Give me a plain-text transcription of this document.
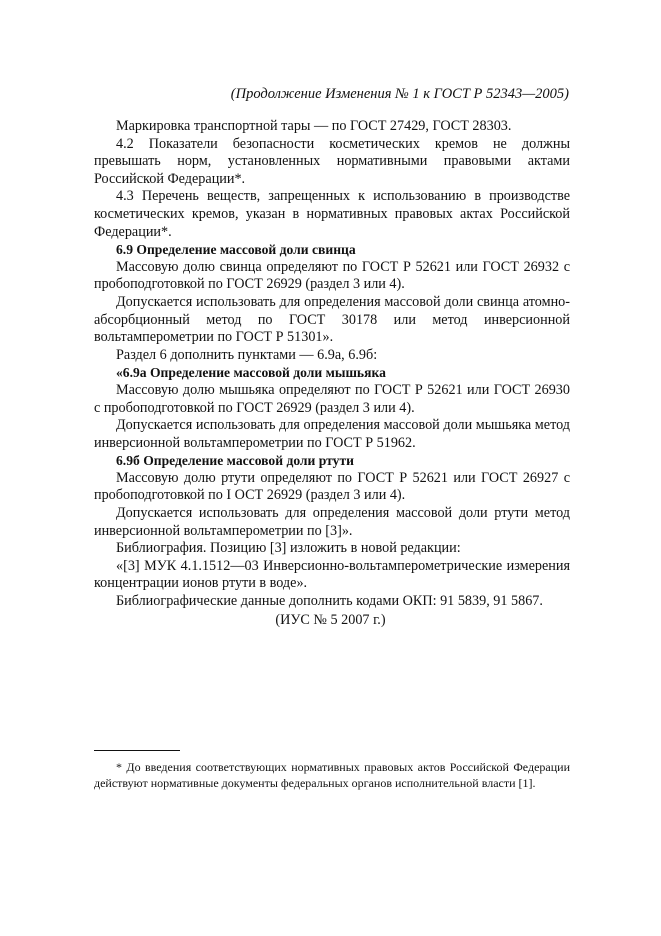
(Продолжение Изменения № 1 к ГОСТ Р 52343—2005)

Маркировка транспортной тары — по ГОСТ 27429, ГОСТ 28303.

4.2 Показатели безопасности косметических кремов не должны превышать норм, установленных нормативными правовыми актами Российской Федерации*.

4.3 Перечень веществ, запрещенных к использованию в производстве косметических кремов, указан в нормативных правовых актах Российской Федерации*.

6.9 Определение массовой доли свинца

Массовую долю свинца определяют по ГОСТ Р 52621 или ГОСТ 26932 с пробоподготовкой по ГОСТ 26929 (раздел 3 или 4).

Допускается использовать для определения массовой доли свинца атомно-абсорбционный метод по ГОСТ 30178 или метод инверсионной вольтамперометрии по ГОСТ Р 51301».

Раздел 6 дополнить пунктами — 6.9а, 6.9б:

«6.9а Определение массовой доли мышьяка

Массовую долю мышьяка определяют по ГОСТ Р 52621 или ГОСТ 26930 с пробоподготовкой по ГОСТ 26929 (раздел 3 или 4).

Допускается использовать для определения массовой доли мышьяка метод инверсионной вольтамперометрии по ГОСТ Р 51962.

6.9б Определение массовой доли ртути

Массовую долю ртути определяют по ГОСТ Р 52621 или ГОСТ 26927 с пробоподготовкой по I ОСТ 26929 (раздел 3 или 4).

Допускается использовать для определения массовой доли ртути метод инверсионной вольтамперометрии по [3]».

Библиография. Позицию [3] изложить в новой редакции:

«[3] МУК 4.1.1512—03 Инверсионно-вольтамперометрические измерения концентрации ионов ртути в воде».

Библиографические данные дополнить кодами ОКП: 91 5839, 91 5867.

(ИУС № 5 2007 г.)

* До введения соответствующих нормативных правовых актов Российской Федерации действуют нормативные документы федеральных органов исполнительной власти [1].
